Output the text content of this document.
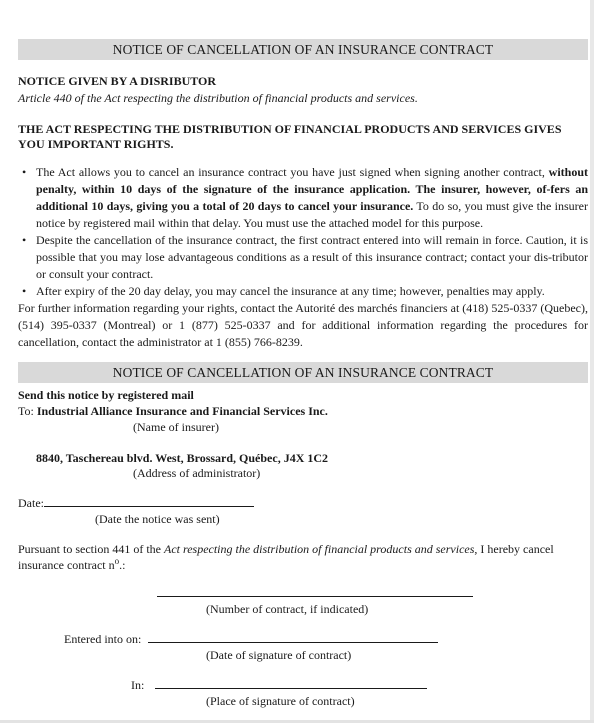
NOTICE OF CANCELLATION OF AN INSURANCE CONTRACT
NOTICE GIVEN BY A DISRIBUTOR
Article 440 of the Act respecting the distribution of financial products and services.
THE ACT RESPECTING THE DISTRIBUTION OF FINANCIAL PRODUCTS AND SERVICES GIVES
YOU IMPORTANT RIGHTS.
• The Act allows you to cancel an insurance contract you have just signed when signing another contract, without penalty, within 10 days of the signature of the insurance application. The insurer, however, of-fers an additional 10 days, giving you a total of 20 days to cancel your insurance. To do so, you must give the insurer notice by registered mail within that delay. You must use the attached model for this purpose.
• Despite the cancellation of the insurance contract, the first contract entered into will remain in force. Caution, it is possible that you may lose advantageous conditions as a result of this insurance contract; contact your dis-tributor or consult your contract.
• After expiry of the 20 day delay, you may cancel the insurance at any time; however, penalties may apply.
For further information regarding your rights, contact the Autorité des marchés financiers at (418) 525-0337 (Quebec), (514) 395-0337 (Montreal) or 1 (877) 525-0337 and for additional information regarding the procedures for cancellation, contact the administrator at 1 (855) 766-8239.
NOTICE OF CANCELLATION OF AN INSURANCE CONTRACT
Send this notice by registered mail
To: Industrial Alliance Insurance and Financial Services Inc.
(Name of insurer)
8840, Taschereau blvd. West, Brossard, Québec, J4X 1C2
(Address of administrator)
Date:
(Date the notice was sent)
Pursuant to section 441 of the Act respecting the distribution of financial products and services, I hereby cancel
insurance contract $n^o$.:
(Number of contract, if indicated)
Entered into on:
(Date of signature of contract)
In:
(Place of signature of contract)
